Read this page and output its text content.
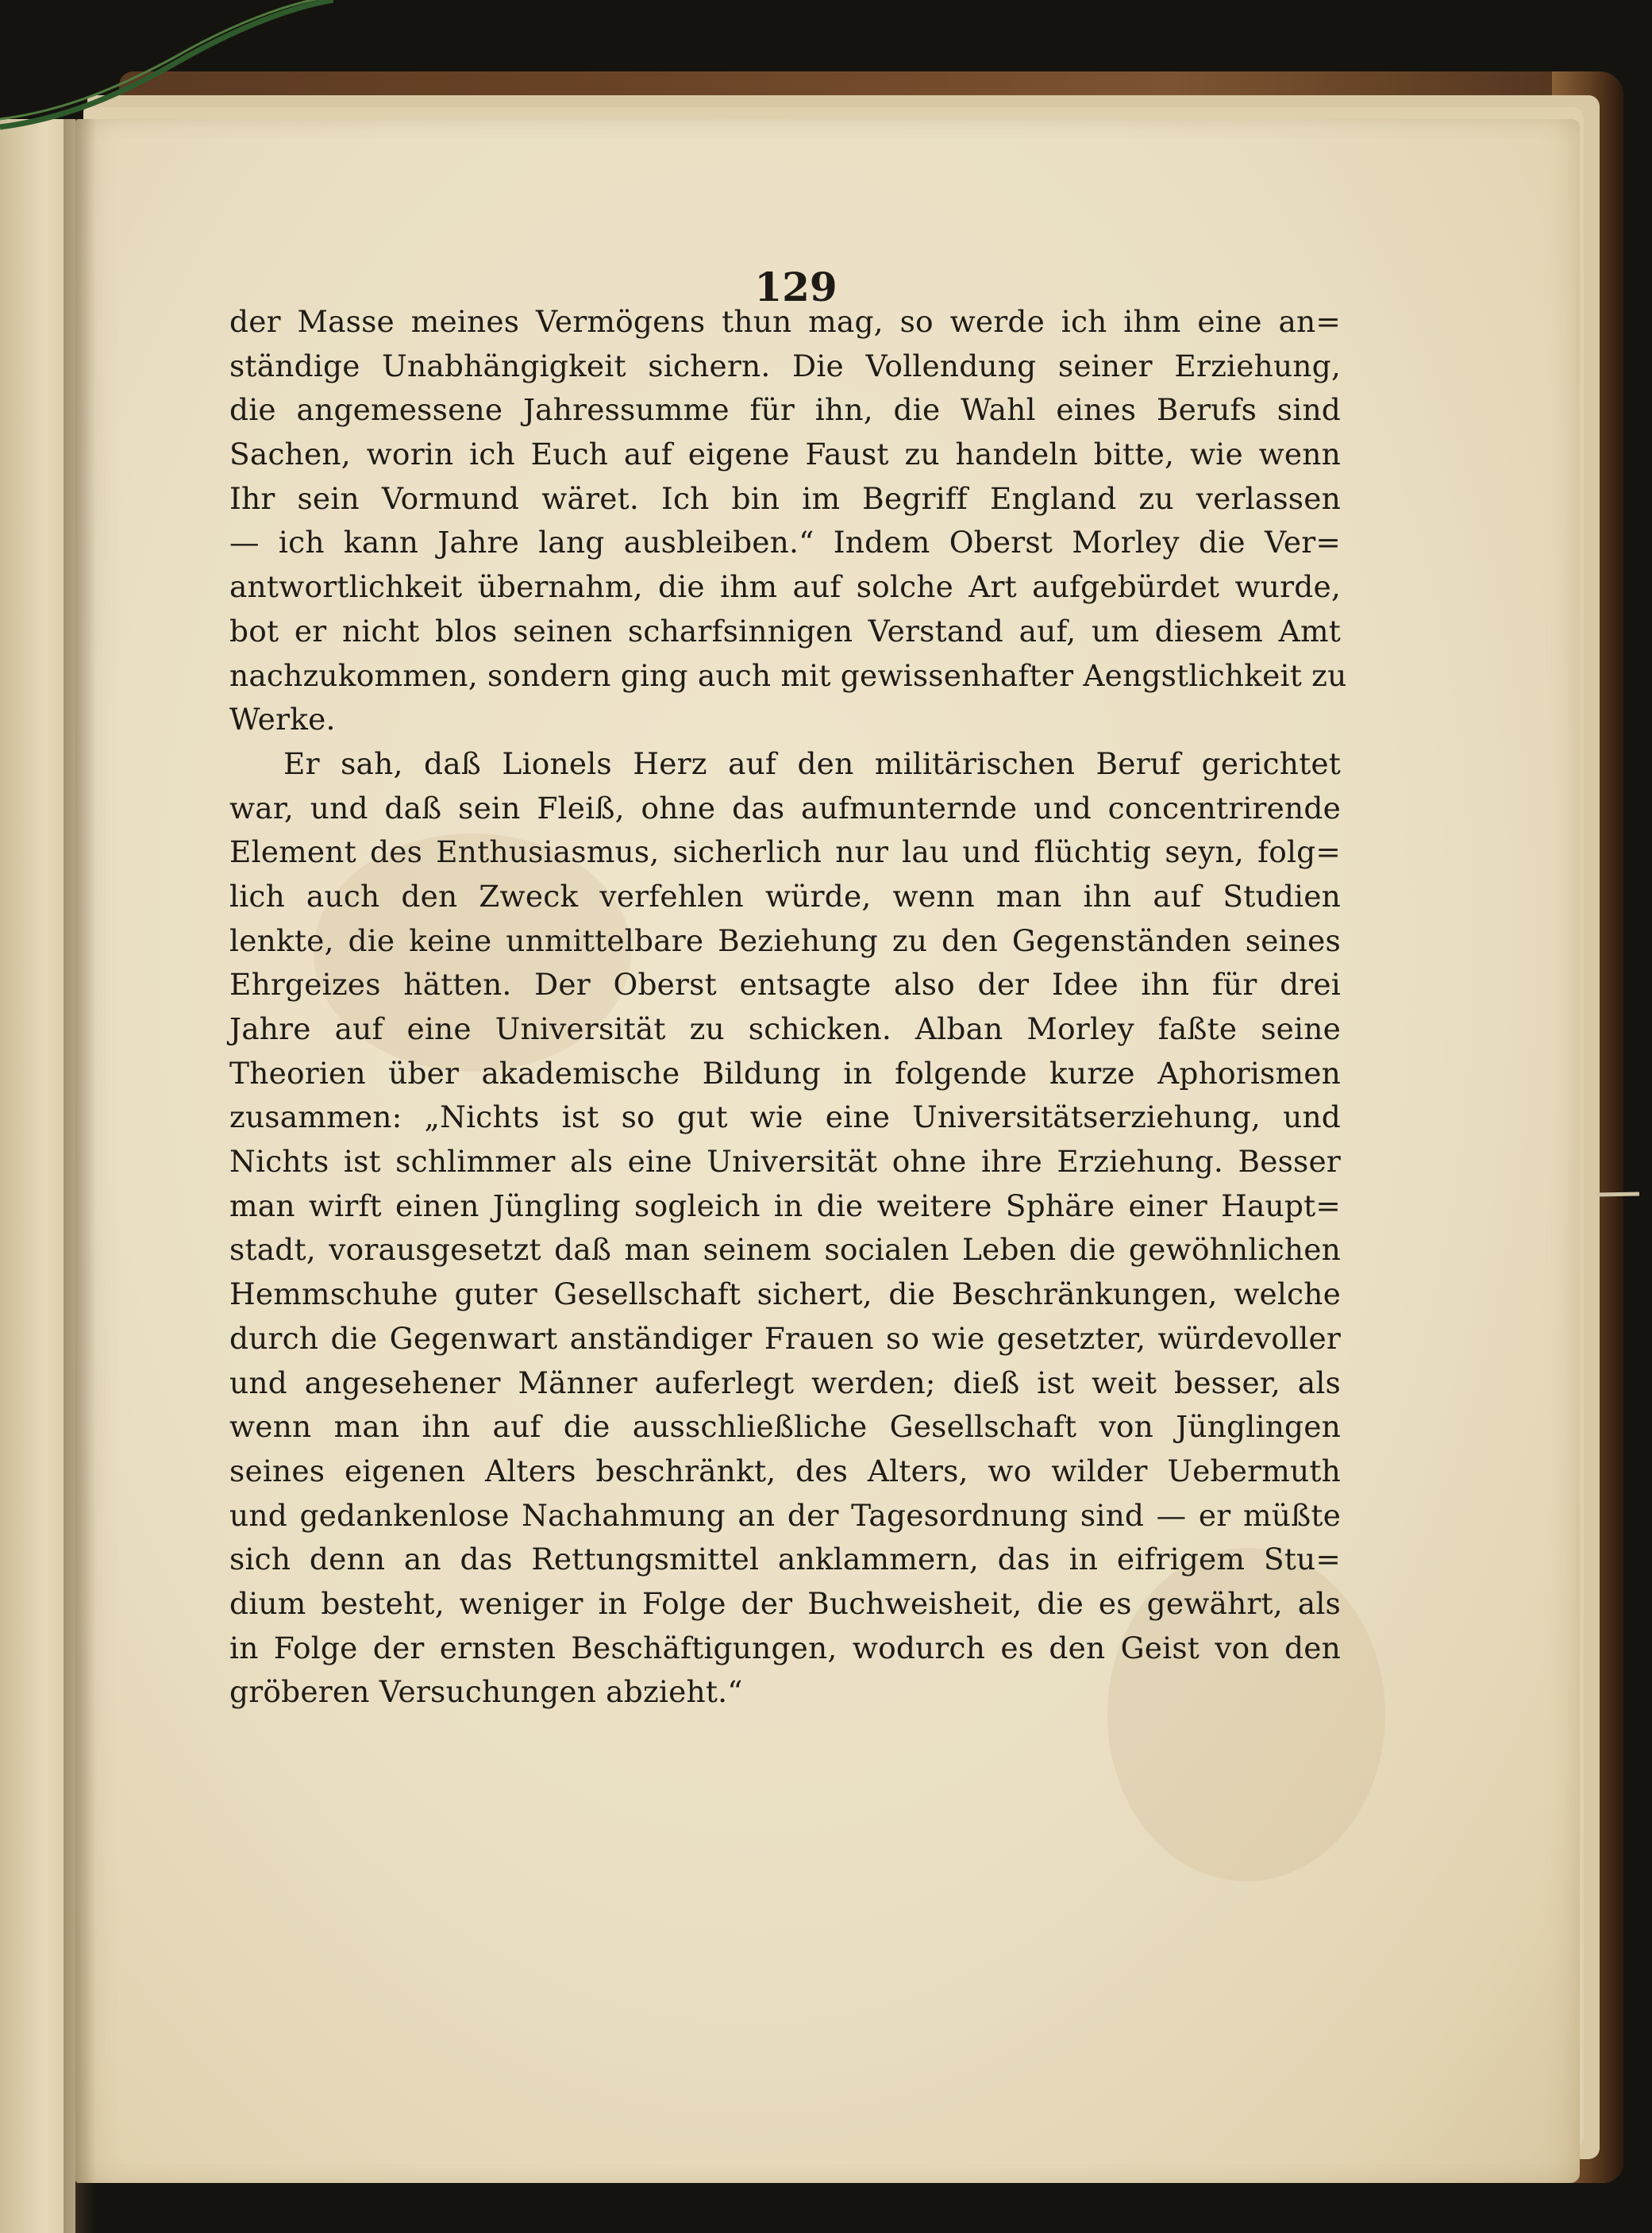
129
der Masse meines Vermögens thun mag, so werde ich ihm eine an=
ständige Unabhängigkeit sichern. Die Vollendung seiner Erziehung,
die angemessene Jahressumme für ihn, die Wahl eines Berufs sind
Sachen, worin ich Euch auf eigene Faust zu handeln bitte, wie wenn
Ihr sein Vormund wäret. Ich bin im Begriff England zu verlassen
— ich kann Jahre lang ausbleiben.“ Indem Oberst Morley die Ver=
antwortlichkeit übernahm, die ihm auf solche Art aufgebürdet wurde,
bot er nicht blos seinen scharfsinnigen Verstand auf, um diesem Amt
nachzukommen, sondern ging auch mit gewissenhafter Aengstlichkeit zu
Werke.
Er sah, daß Lionels Herz auf den militärischen Beruf gerichtet
war, und daß sein Fleiß, ohne das aufmunternde und concentrirende
Element des Enthusiasmus, sicherlich nur lau und flüchtig seyn, folg=
lich auch den Zweck verfehlen würde, wenn man ihn auf Studien
lenkte, die keine unmittelbare Beziehung zu den Gegenständen seines
Ehrgeizes hätten. Der Oberst entsagte also der Idee ihn für drei
Jahre auf eine Universität zu schicken. Alban Morley faßte seine
Theorien über akademische Bildung in folgende kurze Aphorismen
zusammen: „Nichts ist so gut wie eine Universitätserziehung, und
Nichts ist schlimmer als eine Universität ohne ihre Erziehung. Besser
man wirft einen Jüngling sogleich in die weitere Sphäre einer Haupt=
stadt, vorausgesetzt daß man seinem socialen Leben die gewöhnlichen
Hemmschuhe guter Gesellschaft sichert, die Beschränkungen, welche
durch die Gegenwart anständiger Frauen so wie gesetzter, würdevoller
und angesehener Männer auferlegt werden; dieß ist weit besser, als
wenn man ihn auf die ausschließliche Gesellschaft von Jünglingen
seines eigenen Alters beschränkt, des Alters, wo wilder Uebermuth
und gedankenlose Nachahmung an der Tagesordnung sind — er müßte
sich denn an das Rettungsmittel anklammern, das in eifrigem Stu=
dium besteht, weniger in Folge der Buchweisheit, die es gewährt, als
in Folge der ernsten Beschäftigungen, wodurch es den Geist von den
gröberen Versuchungen abzieht.“
